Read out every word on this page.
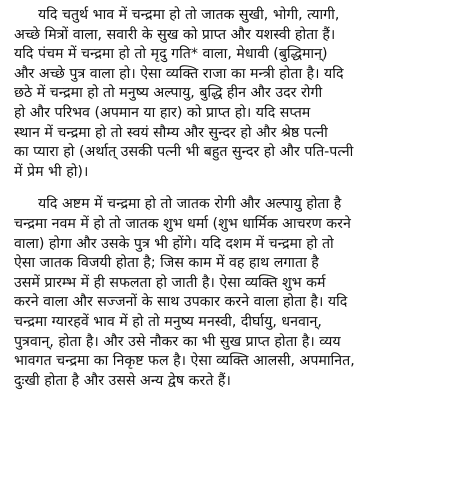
यदि चतुर्थ भाव में चन्द्रमा हो तो जातक सुखी, भोगी, त्यागी,
अच्छे मित्रों वाला, सवारी के सुख को प्राप्त और यशस्वी होता हैं।
यदि पंचम में चन्द्रमा हो तो मृदु गति* वाला, मेधावी (बुद्धिमान्)
और अच्छे पुत्र वाला हो। ऐसा व्यक्ति राजा का मन्त्री होता है। यदि
छठे में चन्द्रमा हो तो मनुष्य अल्पायु, बुद्धि हीन और उदर रोगी
हो और परिभव (अपमान या हार) को प्राप्त हो। यदि सप्तम
स्थान में चन्द्रमा हो तो स्वयं सौम्य और सुन्दर हो और श्रेष्ठ पत्नी
का प्यारा हो (अर्थात् उसकी पत्नी भी बहुत सुन्दर हो और पति-पत्नी
में प्रेम भी हो)।
यदि अष्टम में चन्द्रमा हो तो जातक रोगी और अल्पायु होता है
चन्द्रमा नवम में हो तो जातक शुभ धर्मा (शुभ धार्मिक आचरण करने
वाला) होगा और उसके पुत्र भी होंगे। यदि दशम में चन्द्रमा हो तो
ऐसा जातक विजयी होता है; जिस काम में वह हाथ लगाता है
उसमें प्रारम्भ में ही सफलता हो जाती है। ऐसा व्यक्ति शुभ कर्म
करने वाला और सज्जनों के साथ उपकार करने वाला होता है। यदि
चन्द्रमा ग्यारहवें भाव में हो तो मनुष्य मनस्वी, दीर्घायु, धनवान्,
पुत्रवान्, होता है। और उसे नौकर का भी सुख प्राप्त होता है। व्यय
भावगत चन्द्रमा का निकृष्ट फल है। ऐसा व्यक्ति आलसी, अपमानित,
दुःखी होता है और उससे अन्य द्वेष करते हैं।
